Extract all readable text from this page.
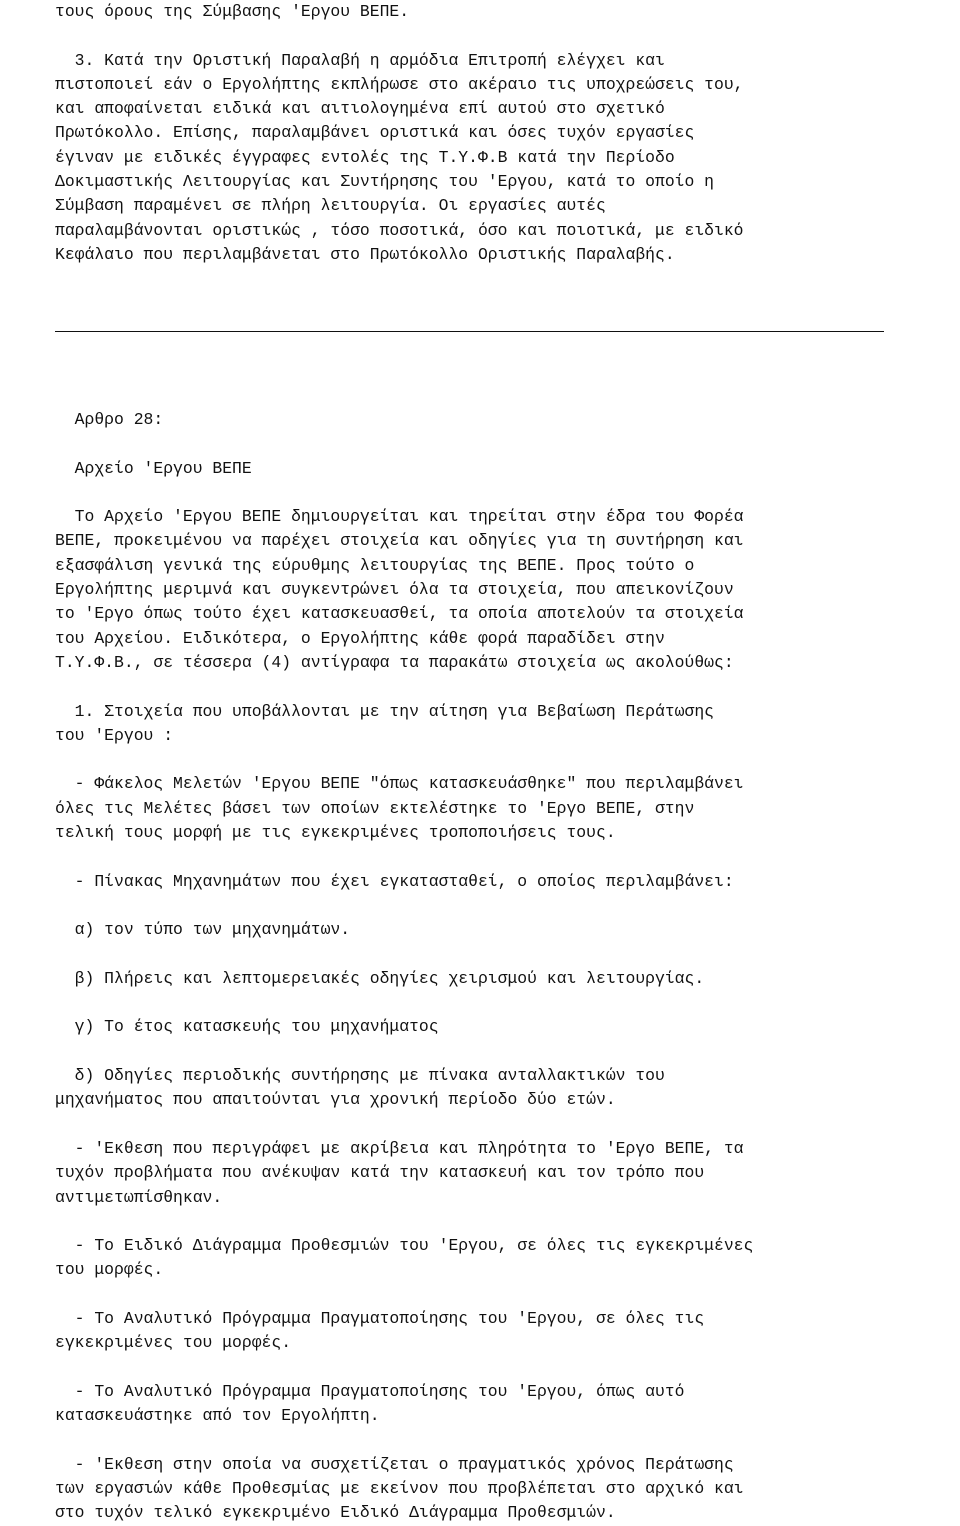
τους όρους της Σύμβασης 'Εργου ΒΕΠΕ.
3. Κατά την Οριστική Παραλαβή η αρμόδια Επιτροπή ελέγχει και
πιστοποιεί εάν ο Εργολήπτης εκπλήρωσε στο ακέραιο τις υποχρεώσεις του,
και αποφαίνεται ειδικά και αιτιολογημένα επί αυτού στο σχετικό
Πρωτόκολλο. Επίσης, παραλαμβάνει οριστικά και όσες τυχόν εργασίες
έγιναν με ειδικές έγγραφες εντολές της Τ.Υ.Φ.Β κατά την Περίοδο
Δοκιμαστικής Λειτουργίας και Συντήρησης του 'Εργου, κατά το οποίο η
Σύμβαση παραμένει σε πλήρη λειτουργία. Οι εργασίες αυτές
παραλαμβάνονται οριστικώς , τόσο ποσοτικά, όσο και ποιοτικά, με ειδικό
Κεφάλαιο που περιλαμβάνεται στο Πρωτόκολλο Οριστικής Παραλαβής.
Αρθρο 28:
Αρχείο 'Εργου ΒΕΠΕ
Το Αρχείο 'Εργου ΒΕΠΕ δημιουργείται και τηρείται στην έδρα του Φορέα
ΒΕΠΕ, προκειμένου να παρέχει στοιχεία και οδηγίες για τη συντήρηση και
εξασφάλιση γενικά της εύρυθμης λειτουργίας της ΒΕΠΕ. Προς τούτο ο
Εργολήπτης μεριμνά και συγκεντρώνει όλα τα στοιχεία, που απεικονίζουν
το 'Εργο όπως τούτο έχει κατασκευασθεί, τα οποία αποτελούν τα στοιχεία
του Αρχείου. Ειδικότερα, ο Εργολήπτης κάθε φορά παραδίδει στην
Τ.Υ.Φ.Β., σε τέσσερα (4) αντίγραφα τα παρακάτω στοιχεία ως ακολούθως:
1. Στοιχεία που υποβάλλονται με την αίτηση για Βεβαίωση Περάτωσης
του 'Εργου :
- Φάκελος Μελετών 'Εργου ΒΕΠΕ "όπως κατασκευάσθηκε" που περιλαμβάνει
όλες τις Μελέτες βάσει των οποίων εκτελέστηκε το 'Εργο ΒΕΠΕ, στην
τελική τους μορφή με τις εγκεκριμένες τροποποιήσεις τους.
- Πίνακας Μηχανημάτων που έχει εγκατασταθεί, ο οποίος περιλαμβάνει:
α) τον τύπο των μηχανημάτων.
β) Πλήρεις και λεπτομερειακές οδηγίες χειρισμού και λειτουργίας.
γ) Το έτος κατασκευής του μηχανήματος
δ) Οδηγίες περιοδικής συντήρησης με πίνακα ανταλλακτικών του
μηχανήματος που απαιτούνται για χρονική περίοδο δύο ετών.
- 'Εκθεση που περιγράφει με ακρίβεια και πληρότητα το 'Εργο ΒΕΠΕ, τα
τυχόν προβλήματα που ανέκυψαν κατά την κατασκευή και τον τρόπο που
αντιμετωπίσθηκαν.
- Το Ειδικό Διάγραμμα Προθεσμιών του 'Εργου, σε όλες τις εγκεκριμένες
του μορφές.
- Το Αναλυτικό Πρόγραμμα Πραγματοποίησης του 'Εργου, σε όλες τις
εγκεκριμένες του μορφές.
- Το Αναλυτικό Πρόγραμμα Πραγματοποίησης του 'Εργου, όπως αυτό
κατασκευάστηκε από τον Εργολήπτη.
- 'Εκθεση στην οποία να συσχετίζεται ο πραγματικός χρόνος Περάτωσης
των εργασιών κάθε Προθεσμίας με εκείνον που προβλέπεται στο αρχικό και
στο τυχόν τελικό εγκεκριμένο Ειδικό Διάγραμμα Προθεσμιών.
